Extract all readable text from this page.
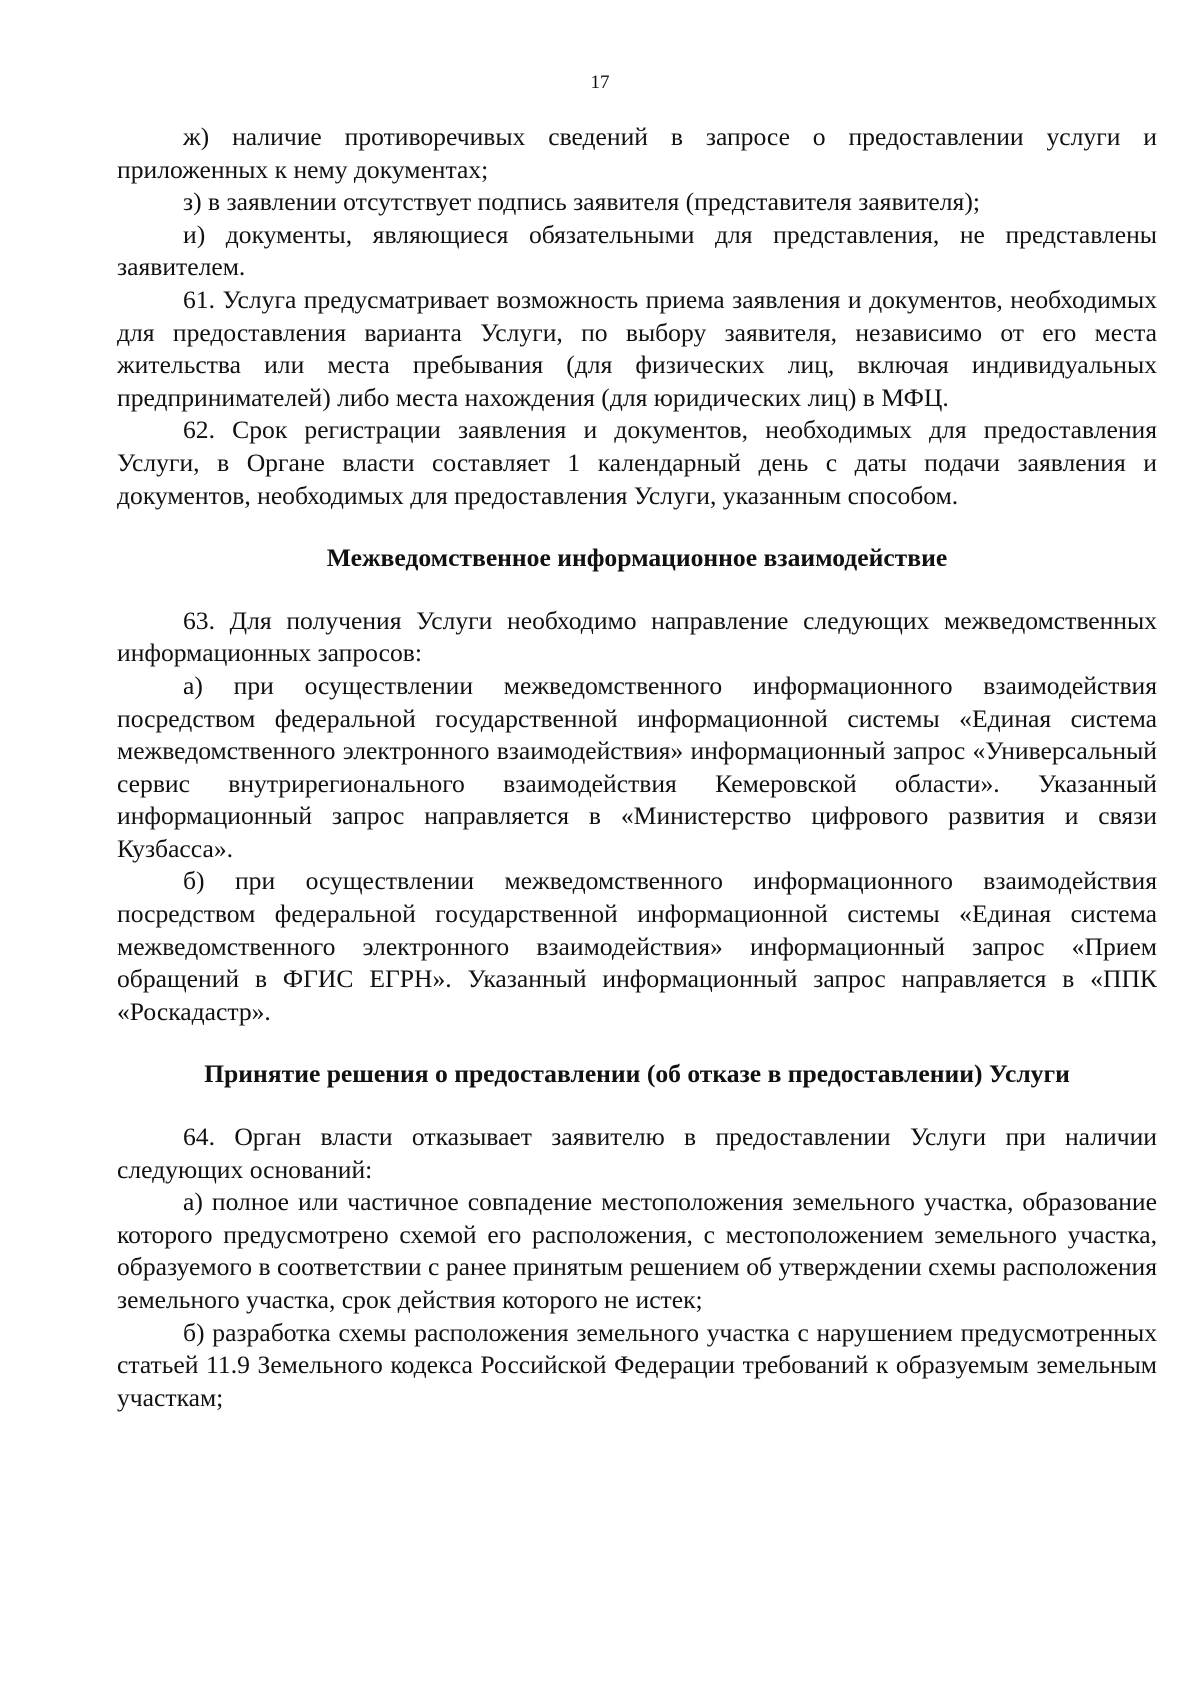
17

ж) наличие противоречивых сведений в запросе о предоставлении услуги и приложенных к нему документах;

з) в заявлении отсутствует подпись заявителя (представителя заявителя);

и) документы, являющиеся обязательными для представления, не представлены заявителем.

61. Услуга предусматривает возможность приема заявления и документов, необходимых для предоставления варианта Услуги, по выбору заявителя, независимо от его места жительства или места пребывания (для физических лиц, включая индивидуальных предпринимателей) либо места нахождения (для юридических лиц) в МФЦ.

62. Срок регистрации заявления и документов, необходимых для предоставления Услуги, в Органе власти составляет 1 календарный день с даты подачи заявления и документов, необходимых для предоставления Услуги, указанным способом.

Межведомственное информационное взаимодействие

63. Для получения Услуги необходимо направление следующих межведомственных информационных запросов:

а) при осуществлении межведомственного информационного взаимодействия посредством федеральной государственной информационной системы «Единая система межведомственного электронного взаимодействия» информационный запрос «Универсальный сервис внутрирегионального взаимодействия Кемеровской области». Указанный информационный запрос направляется в «Министерство цифрового развития и связи Кузбасса».

б) при осуществлении межведомственного информационного взаимодействия посредством федеральной государственной информационной системы «Единая система межведомственного электронного взаимодействия» информационный запрос «Прием обращений в ФГИС ЕГРН». Указанный информационный запрос направляется в «ППК «Роскадастр».

Принятие решения о предоставлении (об отказе в предоставлении) Услуги

64. Орган власти отказывает заявителю в предоставлении Услуги при наличии следующих оснований:

а) полное или частичное совпадение местоположения земельного участка, образование которого предусмотрено схемой его расположения, с местоположением земельного участка, образуемого в соответствии с ранее принятым решением об утверждении схемы расположения земельного участка, срок действия которого не истек;

б) разработка схемы расположения земельного участка с нарушением предусмотренных статьей 11.9 Земельного кодекса Российской Федерации требований к образуемым земельным участкам;
